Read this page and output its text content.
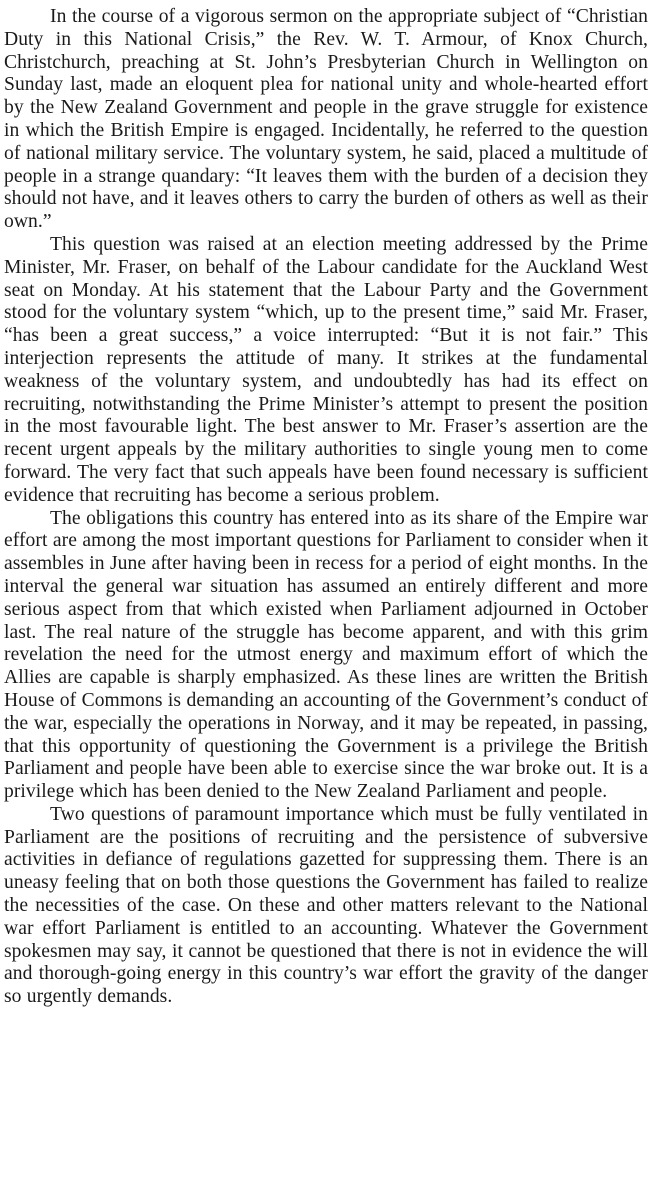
In the course of a vigorous sermon on the appropriate subject of “Christian Duty in this National Crisis,” the Rev. W. T. Armour, of Knox Church, Christchurch, preaching at St. John’s Presbyterian Church in Wellington on Sunday last, made an eloquent plea for national unity and whole-hearted effort by the New Zealand Government and people in the grave struggle for existence in which the British Empire is engaged. Incidentally, he referred to the question of national military service. The voluntary system, he said, placed a multitude of people in a strange quandary: “It leaves them with the burden of a decision they should not have, and it leaves others to carry the burden of others as well as their own.”

This question was raised at an election meeting addressed by the Prime Minister, Mr. Fraser, on behalf of the Labour candidate for the Auckland West seat on Monday. At his statement that the Labour Party and the Government stood for the voluntary system “which, up to the present time,” said Mr. Fraser, “has been a great success,” a voice interrupted: “But it is not fair.” This interjection represents the attitude of many. It strikes at the fundamental weakness of the voluntary system, and undoubtedly has had its effect on recruiting, notwithstanding the Prime Minister’s attempt to present the position in the most favourable light. The best answer to Mr. Fraser’s assertion are the recent urgent appeals by the military authorities to single young men to come forward. The very fact that such appeals have been found necessary is sufficient evidence that recruiting has become a serious problem.

The obligations this country has entered into as its share of the Empire war effort are among the most important questions for Parliament to consider when it assembles in June after having been in recess for a period of eight months. In the interval the general war situation has assumed an entirely different and more serious aspect from that which existed when Parliament adjourned in October last. The real nature of the struggle has become apparent, and with this grim revelation the need for the utmost energy and maximum effort of which the Allies are capable is sharply emphasized. As these lines are written the British House of Commons is demanding an accounting of the Government’s conduct of the war, especially the operations in Norway, and it may be repeated, in passing, that this opportunity of questioning the Government is a privilege the British Parliament and people have been able to exercise since the war broke out. It is a privilege which has been denied to the New Zealand Parliament and people.

Two questions of paramount importance which must be fully ventilated in Parliament are the positions of recruiting and the persistence of subversive activities in defiance of regulations gazetted for suppressing them. There is an uneasy feeling that on both those questions the Government has failed to realize the necessities of the case. On these and other matters relevant to the National war effort Parliament is entitled to an accounting. Whatever the Government spokesmen may say, it cannot be questioned that there is not in evidence the will and thorough-going energy in this country’s war effort the gravity of the danger so urgently demands.
